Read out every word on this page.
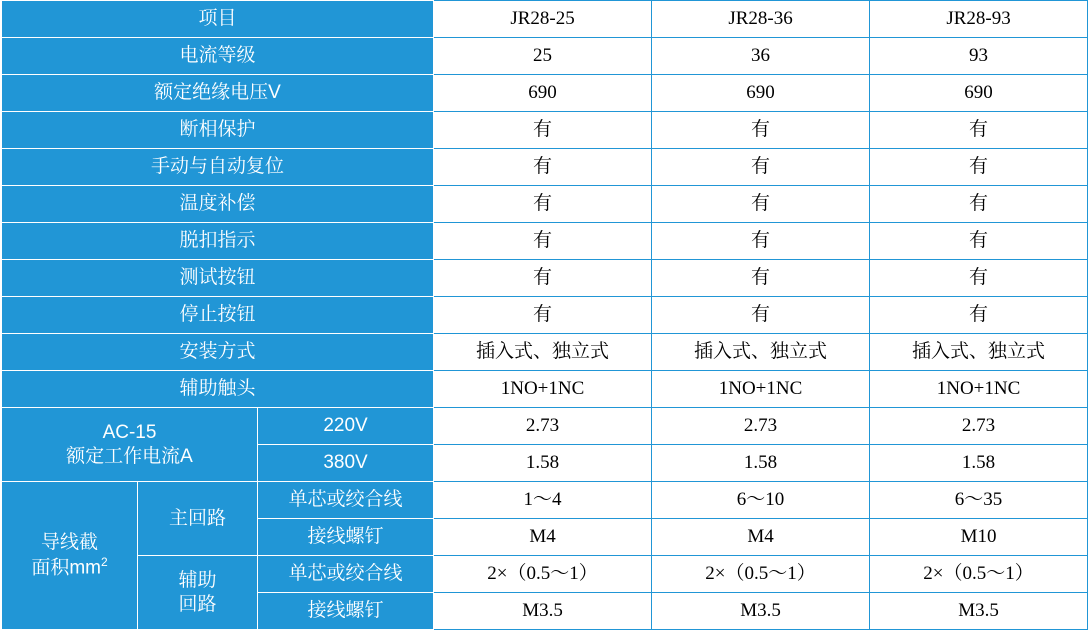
项目			JR28-25	JR28-36	JR28-93
电流等级			25	36	93
额定绝缘电压V			690	690	690
断相保护			有	有	有
手动与自动复位			有	有	有
温度补偿			有	有	有
脱扣指示			有	有	有
测试按钮			有	有	有
停止按钮			有	有	有
安装方式			插入式、独立式	插入式、独立式	插入式、独立式
辅助触头			1NO+1NC	1NO+1NC	1NO+1NC

AC-15
额定工作电流A		220V	2.73	2.73	2.73
		380V	1.58	1.58	1.58

导线截
面积$mm^2$	主回路	单芯或绞合线	1～4	6～10	6～35
		接线螺钉	M4	M4	M10

	辅助
回路	单芯或绞合线	2×（0.5～1）	2×（0.5～1）	2×（0.5～1）
		接线螺钉	M3.5	M3.5	M3.5
